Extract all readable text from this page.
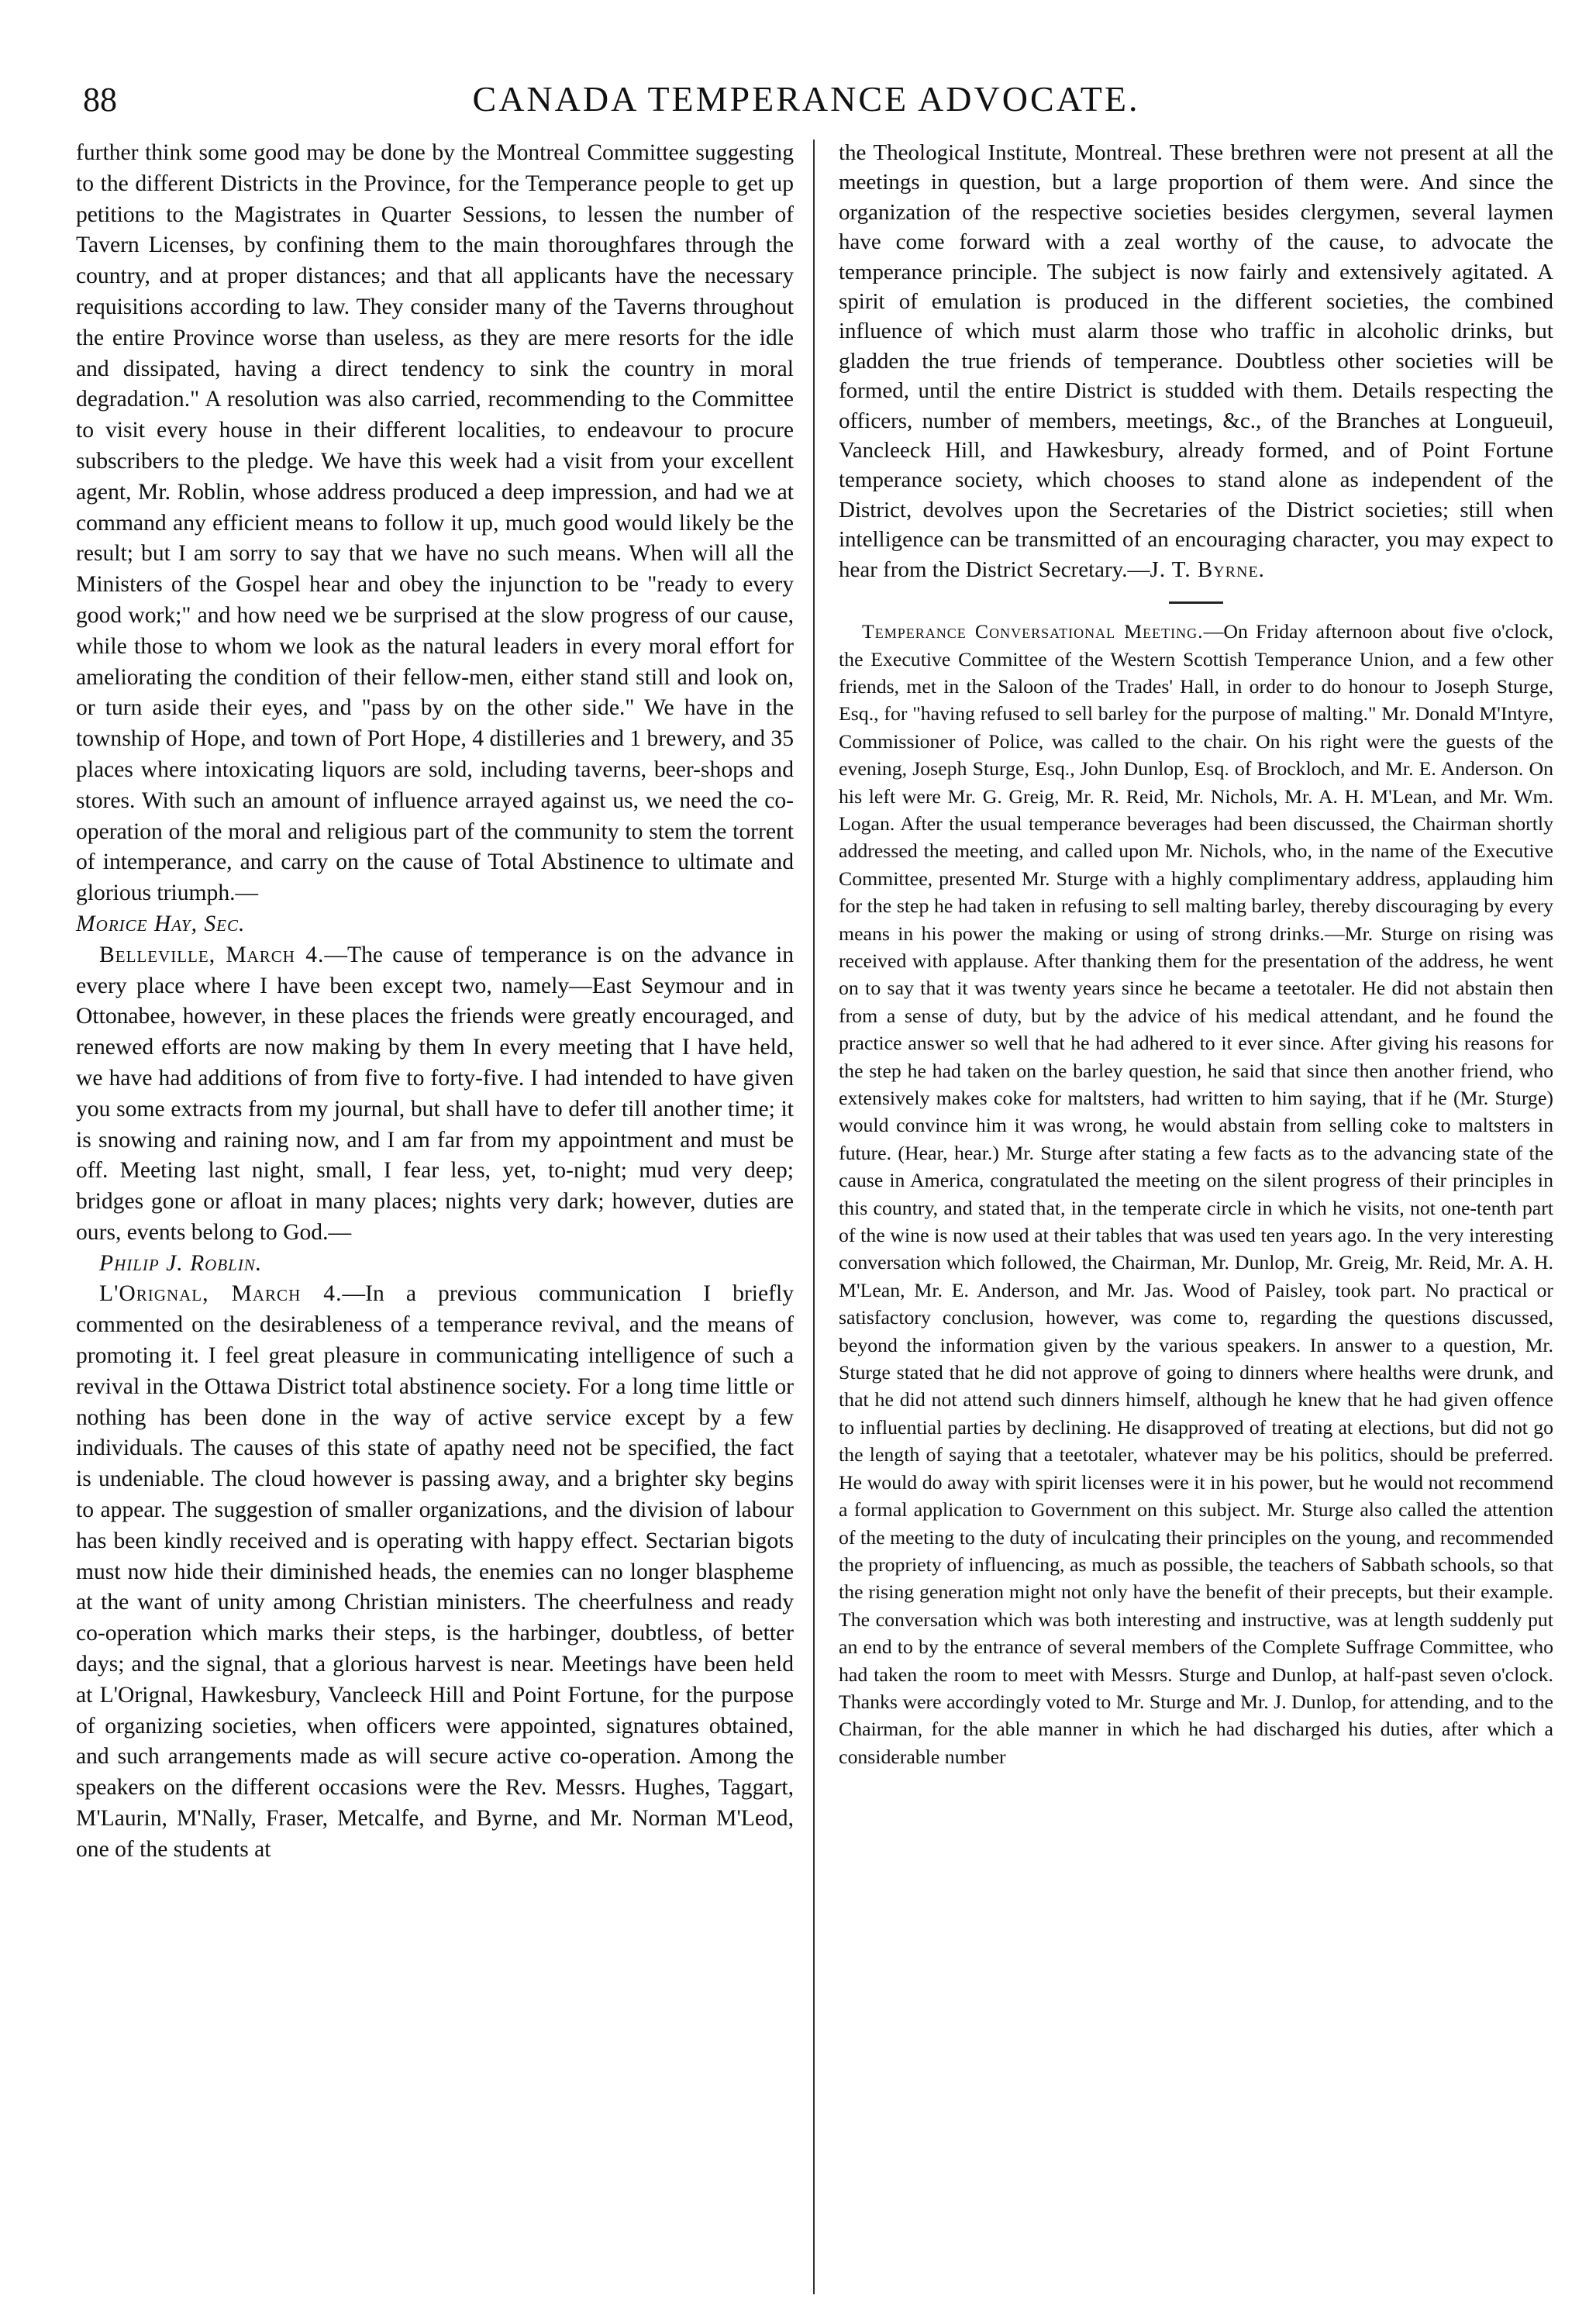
88	CANADA TEMPERANCE ADVOCATE.

further think some good may be done by the Montreal Committee suggesting to the different Districts in the Province, for the Temperance people to get up petitions to the Magistrates in Quarter Sessions, to lessen the number of Tavern Licenses, by confining them to the main thoroughfares through the country, and at proper distances; and that all applicants have the necessary requisitions according to law. They consider many of the Taverns throughout the entire Province worse than useless, as they are mere resorts for the idle and dissipated, having a direct tendency to sink the country in moral degradation." A resolution was also carried, recommending to the Committee to visit every house in their different localities, to endeavour to procure subscribers to the pledge. We have this week had a visit from your excellent agent, Mr. Roblin, whose address produced a deep impression, and had we at command any efficient means to follow it up, much good would likely be the result; but I am sorry to say that we have no such means. When will all the Ministers of the Gospel hear and obey the injunction to be "ready to every good work;" and how need we be surprised at the slow progress of our cause, while those to whom we look as the natural leaders in every moral effort for ameliorating the condition of their fellow-men, either stand still and look on, or turn aside their eyes, and "pass by on the other side." We have in the township of Hope, and town of Port Hope, 4 distilleries and 1 brewery, and 35 places where intoxicating liquors are sold, including taverns, beer-shops and stores. With such an amount of influence arrayed against us, we need the co-operation of the moral and religious part of the community to stem the torrent of intemperance, and carry on the cause of Total Abstinence to ultimate and glorious triumph.—
Morice Hay, Sec.

Belleville, March 4.—The cause of temperance is on the advance in every place where I have been except two, namely—East Seymour and in Ottonabee, however, in these places the friends were greatly encouraged, and renewed efforts are now making by them In every meeting that I have held, we have had additions of from five to forty-five. I had intended to have given you some extracts from my journal, but shall have to defer till another time; it is snowing and raining now, and I am far from my appointment and must be off. Meeting last night, small, I fear less, yet, to-night; mud very deep; bridges gone or afloat in many places; nights very dark; however, duties are ours, events belong to God.—
Philip J. Roblin.

L'Orignal, March 4.—In a previous communication I briefly commented on the desirableness of a temperance revival, and the means of promoting it. I feel great pleasure in communicating intelligence of such a revival in the Ottawa District total abstinence society. For a long time little or nothing has been done in the way of active service except by a few individuals. The causes of this state of apathy need not be specified, the fact is undeniable. The cloud however is passing away, and a brighter sky begins to appear. The suggestion of smaller organizations, and the division of labour has been kindly received and is operating with happy effect. Sectarian bigots must now hide their diminished heads, the enemies can no longer blaspheme at the want of unity among Christian ministers. The cheerfulness and ready co-operation which marks their steps, is the harbinger, doubtless, of better days; and the signal, that a glorious harvest is near. Meetings have been held at L'Orignal, Hawkesbury, Vancleeck Hill and Point Fortune, for the purpose of organizing societies, when officers were appointed, signatures obtained, and such arrangements made as will secure active co-operation. Among the speakers on the different occasions were the Rev. Messrs. Hughes, Taggart, M'Laurin, M'Nally, Fraser, Metcalfe, and Byrne, and Mr. Norman M'Leod, one of the students at

the Theological Institute, Montreal. These brethren were not present at all the meetings in question, but a large proportion of them were. And since the organization of the respective societies besides clergymen, several laymen have come forward with a zeal worthy of the cause, to advocate the temperance principle. The subject is now fairly and extensively agitated. A spirit of emulation is produced in the different societies, the combined influence of which must alarm those who traffic in alcoholic drinks, but gladden the true friends of temperance. Doubtless other societies will be formed, until the entire District is studded with them. Details respecting the officers, number of members, meetings, &c., of the Branches at Longueuil, Vancleeck Hill, and Hawkesbury, already formed, and of Point Fortune temperance society, which chooses to stand alone as independent of the District, devolves upon the Secretaries of the District societies; still when intelligence can be transmitted of an encouraging character, you may expect to hear from the District Secretary.—J. T. Byrne.

Temperance Conversational Meeting.—On Friday afternoon about five o'clock, the Executive Committee of the Western Scottish Temperance Union, and a few other friends, met in the Saloon of the Trades' Hall, in order to do honour to Joseph Sturge, Esq., for "having refused to sell barley for the purpose of malting." Mr. Donald M'Intyre, Commissioner of Police, was called to the chair. On his right were the guests of the evening, Joseph Sturge, Esq., John Dunlop, Esq. of Brockloch, and Mr. E. Anderson. On his left were Mr. G. Greig, Mr. R. Reid, Mr. Nichols, Mr. A. H. M'Lean, and Mr. Wm. Logan. After the usual temperance beverages had been discussed, the Chairman shortly addressed the meeting, and called upon Mr. Nichols, who, in the name of the Executive Committee, presented Mr. Sturge with a highly complimentary address, applauding him for the step he had taken in refusing to sell malting barley, thereby discouraging by every means in his power the making or using of strong drinks.—Mr. Sturge on rising was received with applause. After thanking them for the presentation of the address, he went on to say that it was twenty years since he became a teetotaler. He did not abstain then from a sense of duty, but by the advice of his medical attendant, and he found the practice answer so well that he had adhered to it ever since. After giving his reasons for the step he had taken on the barley question, he said that since then another friend, who extensively makes coke for maltsters, had written to him saying, that if he (Mr. Sturge) would convince him it was wrong, he would abstain from selling coke to maltsters in future. (Hear, hear.) Mr. Sturge after stating a few facts as to the advancing state of the cause in America, congratulated the meeting on the silent progress of their principles in this country, and stated that, in the temperate circle in which he visits, not one-tenth part of the wine is now used at their tables that was used ten years ago. In the very interesting conversation which followed, the Chairman, Mr. Dunlop, Mr. Greig, Mr. Reid, Mr. A. H. M'Lean, Mr. E. Anderson, and Mr. Jas. Wood of Paisley, took part. No practical or satisfactory conclusion, however, was come to, regarding the questions discussed, beyond the information given by the various speakers. In answer to a question, Mr. Sturge stated that he did not approve of going to dinners where healths were drunk, and that he did not attend such dinners himself, although he knew that he had given offence to influential parties by declining. He disapproved of treating at elections, but did not go the length of saying that a teetotaler, whatever may be his politics, should be preferred. He would do away with spirit licenses were it in his power, but he would not recommend a formal application to Government on this subject. Mr. Sturge also called the attention of the meeting to the duty of inculcating their principles on the young, and recommended the propriety of influencing, as much as possible, the teachers of Sabbath schools, so that the rising generation might not only have the benefit of their precepts, but their example. The conversation which was both interesting and instructive, was at length suddenly put an end to by the entrance of several members of the Complete Suffrage Committee, who had taken the room to meet with Messrs. Sturge and Dunlop, at half-past seven o'clock. Thanks were accordingly voted to Mr. Sturge and Mr. J. Dunlop, for attending, and to the Chairman, for the able manner in which he had discharged his duties, after which a considerable number
